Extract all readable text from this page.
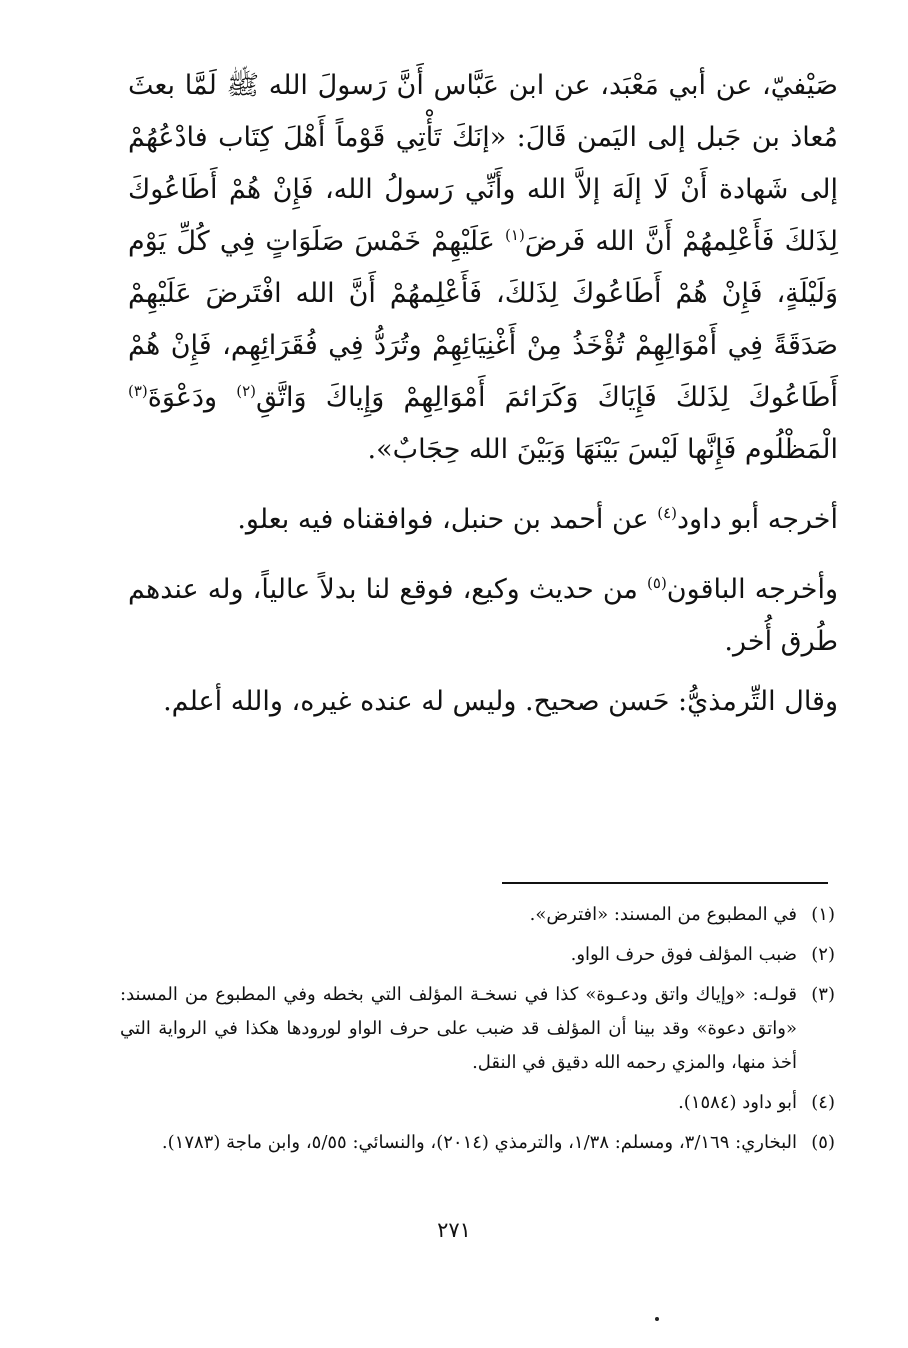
صَيْفيّ، عن أبي مَعْبَد، عن ابن عَبَّاس أَنَّ رَسولَ الله ﷺ لَمَّا بعثَ مُعاذ بن جَبل إلى اليَمن قَالَ: «إنَكَ تَأْتِي قَوْماً أَهْلَ كِتَاب فادْعُهُمْ إلى شَهادة أَنْ لَا إلَهَ إلاَّ الله وأَنِّي رَسولُ الله، فَإِنْ هُمْ أَطَاعُوكَ لِذَلكَ فَأَعْلِمهُمْ أَنَّ الله فَرضَ$^{(١)}$ عَلَيْهِمْ خَمْسَ صَلَوَاتٍ فِي كُلِّ يَوْم وَلَيْلَةٍ، فَإِنْ هُمْ أَطَاعُوكَ لِذَلكَ، فَأَعْلِمهُمْ أَنَّ الله افْتَرضَ عَلَيْهِمْ صَدَقَةً فِي أَمْوَالِهِمْ تُؤْخَذُ مِنْ أَغْنِيَائِهِمْ وتُرَدُّ فِي فُقَرَائِهِم، فَإِنْ هُمْ أَطَاعُوكَ لِذَلكَ فَإِيَاكَ وَكَرَائمَ أَمْوَالِهِمْ وَإِياكَ وَاتَّقِ$^{(٢)}$ ودَعْوَةَ$^{(٣)}$ الْمَظْلُوم فَإِنَّها لَيْسَ بَيْنَهَا وَبَيْنَ الله حِجَابٌ».

أخرجه أبو داود$^{(٤)}$ عن أحمد بن حنبل، فوافقناه فيه بعلو.

وأخرجه الباقون$^{(٥)}$ من حديث وكيع، فوقع لنا بدلاً عالياً، وله عندهم طُرق أُخر.

وقال التِّرمذيُّ: حَسن صحيح. وليس له عنده غيره، والله أعلم.

(١)
في المطبوع من المسند: «افترض».
(٢)
ضبب المؤلف فوق حرف الواو.
(٣)
قولـه: «وإياك واتق ودعـوة» كذا في نسخـة المؤلف التي بخطه وفي المطبوع من المسند: «واتق دعوة» وقد بينا أن المؤلف قد ضبب على حرف الواو لورودها هكذا في الرواية التي أخذ منها، والمزي رحمه الله دقيق في النقل.
(٤)
أبو داود (١٥٨٤).
(٥)
البخاري: ٣/١٦٩، ومسلم: ١/٣٨، والترمذي (٢٠١٤)، والنسائي: ٥/٥٥، وابن ماجة (١٧٨٣).
٢٧١
